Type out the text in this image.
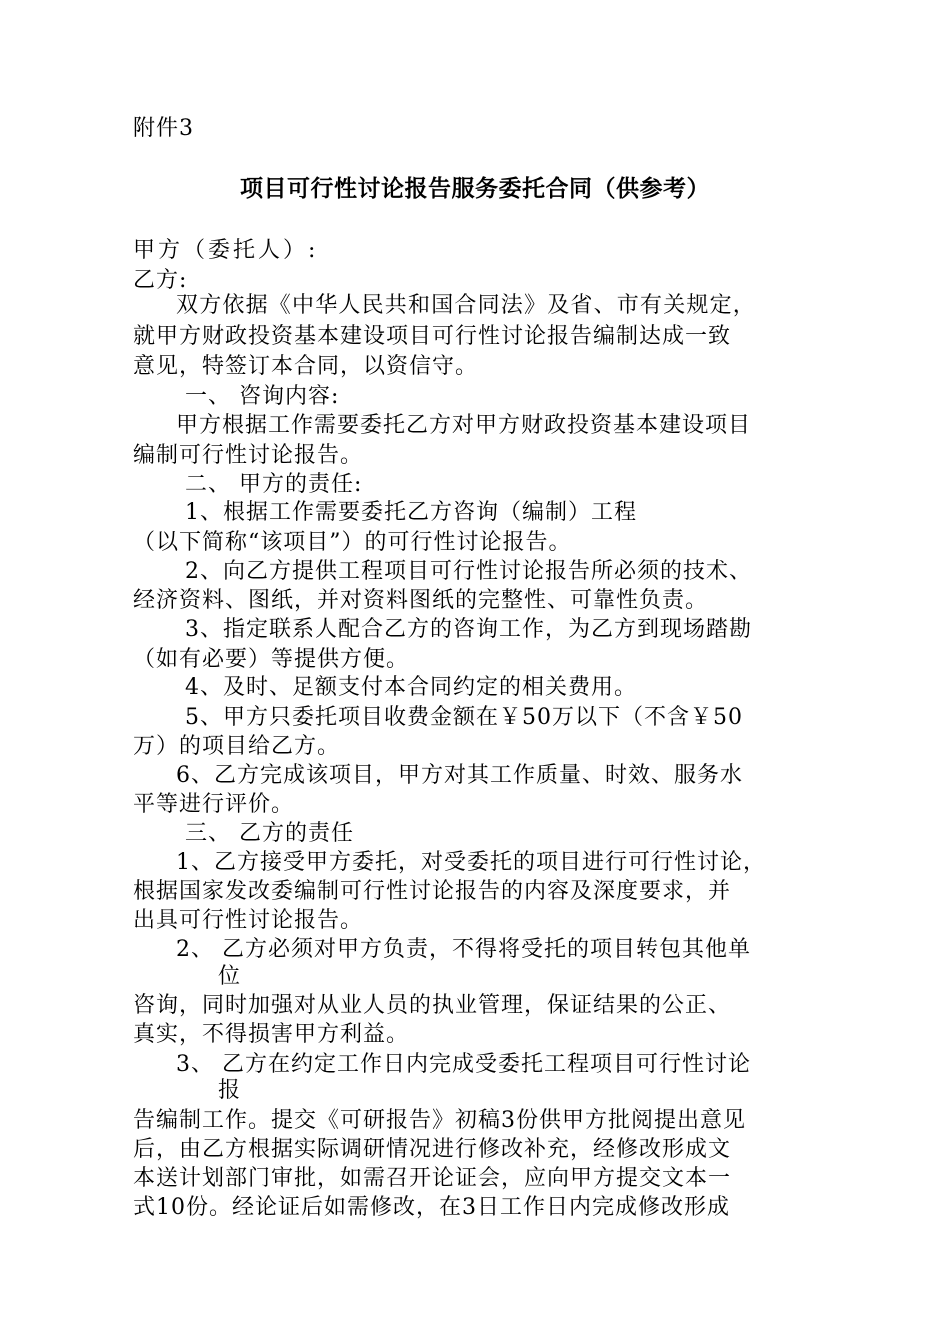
附件3
项目可行性讨论报告服务委托合同（供参考）
甲方（委托人）:
乙方:
双方依据《中华人民共和国合同法》及省、市有关规定，
就甲方财政投资基本建设项目可行性讨论报告编制达成一致
意见，特签订本合同，以资信守。
一、 咨询内容:
甲方根据工作需要委托乙方对甲方财政投资基本建设项目
编制可行性讨论报告。
二、 甲方的责任:
1、根据工作需要委托乙方咨询（编制）工程
（以下简称“该项目”）的可行性讨论报告。
2、向乙方提供工程项目可行性讨论报告所必须的技术、
经济资料、图纸，并对资料图纸的完整性、可靠性负责。
3、指定联系人配合乙方的咨询工作，为乙方到现场踏勘
（如有必要）等提供方便。
4、及时、足额支付本合同约定的相关费用。
5、甲方只委托项目收费金额在￥50万以下（不含￥50
万）的项目给乙方。
6、乙方完成该项目，甲方对其工作质量、时效、服务水
平等进行评价。
三、 乙方的责任
1、乙方接受甲方委托，对受委托的项目进行可行性讨论，
根据国家发改委编制可行性讨论报告的内容及深度要求，并
出具可行性讨论报告。
2、 乙方必须对甲方负责，不得将受托的项目转包其他单
位
咨询，同时加强对从业人员的执业管理，保证结果的公正、
真实，不得损害甲方利益。
3、 乙方在约定工作日内完成受委托工程项目可行性讨论
报
告编制工作。提交《可研报告》初稿3份供甲方批阅提出意见
后，由乙方根据实际调研情况进行修改补充，经修改形成文
本送计划部门审批，如需召开论证会，应向甲方提交文本一
式10份。经论证后如需修改，在3日工作日内完成修改形成
